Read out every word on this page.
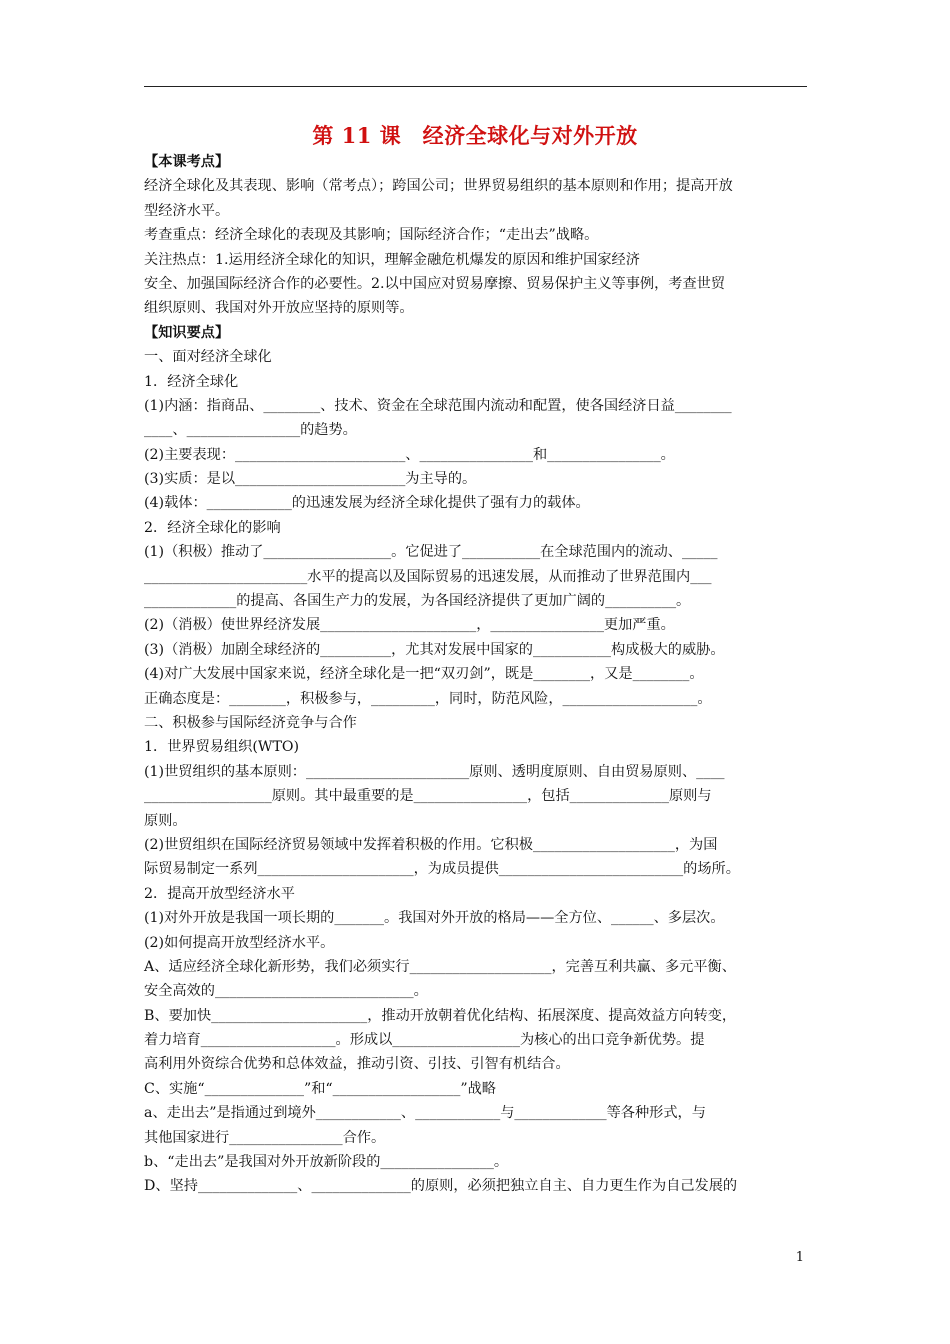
第 11 课　经济全球化与对外开放
【本课考点】
经济全球化及其表现、影响（常考点）；跨国公司；世界贸易组织的基本原则和作用；提高开放
型经济水平。
考查重点：经济全球化的表现及其影响；国际经济合作；“走出去”战略。
关注热点：1.运用经济全球化的知识，理解金融危机爆发的原因和维护国家经济
安全、加强国际经济合作的必要性。2.以中国应对贸易摩擦、贸易保护主义等事例，考查世贸
组织原则、我国对外开放应坚持的原则等。
【知识要点】
一、面对经济全球化
1．经济全球化
(1)内涵：指商品、________、技术、资金在全球范围内流动和配置，使各国经济日益________
____、________________的趋势。
(2)主要表现：________________________、________________和________________。
(3)实质：是以________________________为主导的。
(4)载体：____________的迅速发展为经济全球化提供了强有力的载体。
2．经济全球化的影响
(1)（积极）推动了__________________。它促进了___________在全球范围内的流动、_____
_______________________水平的提高以及国际贸易的迅速发展，从而推动了世界范围内___
_____________的提高、各国生产力的发展，为各国经济提供了更加广阔的__________。
(2)（消极）使世界经济发展______________________，________________更加严重。
(3)（消极）加剧全球经济的__________，尤其对发展中国家的___________构成极大的威胁。
(4)对广大发展中国家来说，经济全球化是一把“双刃剑”，既是________，又是________。
正确态度是：________，积极参与，_________，同时，防范风险，___________________。
二、积极参与国际经济竞争与合作
1．世界贸易组织(WTO)
(1)世贸组织的基本原则：_______________________原则、透明度原则、自由贸易原则、____
__________________原则。其中最重要的是________________，包括______________原则与
原则。
(2)世贸组织在国际经济贸易领域中发挥着积极的作用。它积极____________________，为国
际贸易制定一系列______________________，为成员提供__________________________的场所。
2．提高开放型经济水平
(1)对外开放是我国一项长期的_______。我国对外开放的格局——全方位、______、多层次。
(2)如何提高开放型经济水平。
A、适应经济全球化新形势，我们必须实行____________________，完善互利共赢、多元平衡、
安全高效的____________________________。
B、要加快______________________，推动开放朝着优化结构、拓展深度、提高效益方向转变，
着力培育___________________。形成以__________________为核心的出口竞争新优势。提
高利用外资综合优势和总体效益，推动引资、引技、引智有机结合。
C、实施“______________”和“__________________”战略
a、走出去”是指通过到境外____________、____________与_____________等各种形式，与
其他国家进行________________合作。
b、“走出去”是我国对外开放新阶段的________________。
D、坚持______________、______________的原则，必须把独立自主、自力更生作为自己发展的
1
